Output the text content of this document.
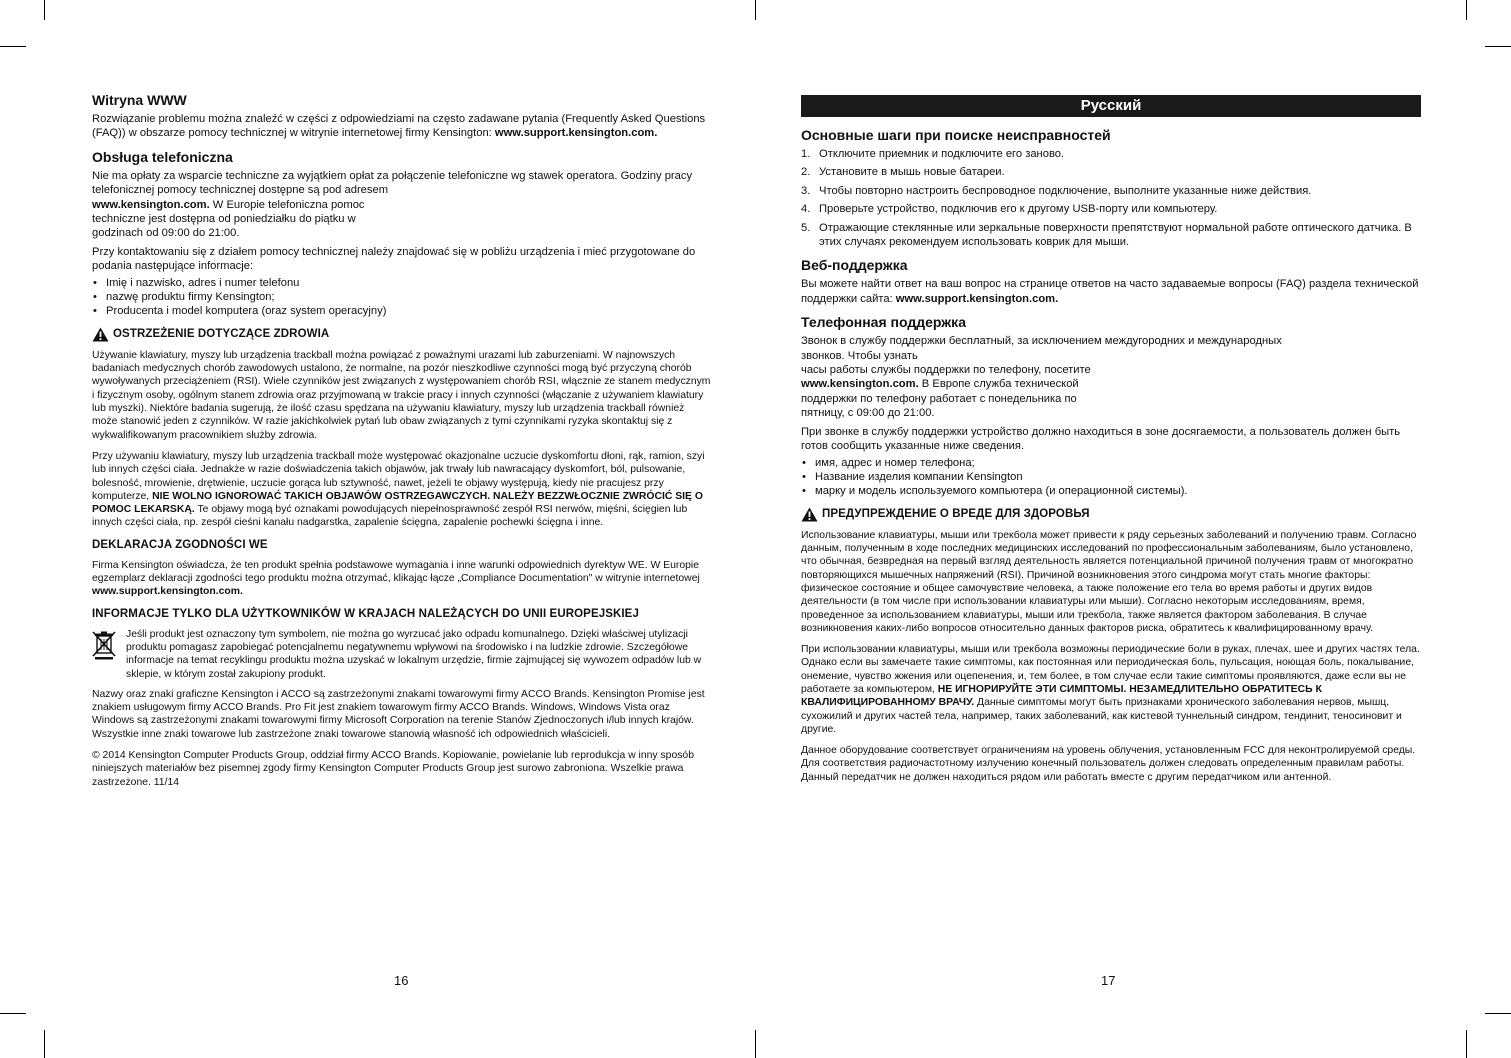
Witryna WWW

Rozwiązanie problemu można znaleźć w części z odpowiedziami na często zadawane pytania (Frequently Asked Questions (FAQ)) w obszarze pomocy technicznej w witrynie internetowej firmy Kensington: www.support.kensington.com.

Obsługa telefoniczna

Nie ma opłaty za wsparcie techniczne za wyjątkiem opłat za połączenie telefoniczne wg stawek operatora. Godziny pracy telefonicznej pomocy technicznej dostępne są pod adresem
www.kensington.com. W Europie telefoniczna pomoc
techniczne jest dostępna od poniedziałku do piątku w
godzinach od 09:00 do 21:00.

Przy kontaktowaniu się z działem pomocy technicznej należy znajdować się w pobliżu urządzenia i mieć przygotowane do podania następujące informacje:

• Imię i nazwisko, adres i numer telefonu
• nazwę produktu firmy Kensington;
• Producenta i model komputera (oraz system operacyjny)
OSTRZEŻENIE DOTYCZĄCE ZDROWIA

Używanie klawiatury, myszy lub urządzenia trackball można powiązać z poważnymi urazami lub zaburzeniami. W najnowszych badaniach medycznych chorób zawodowych ustalono, że normalne, na pozór nieszkodliwe czynności mogą być przyczyną chorób wywoływanych przeciążeniem (RSI). Wiele czynników jest związanych z występowaniem chorób RSI, włącznie ze stanem medycznym i fizycznym osoby, ogólnym stanem zdrowia oraz przyjmowaną w trakcie pracy i innych czynności (włączanie z używaniem klawiatury lub myszki). Niektóre badania sugerują, że ilość czasu spędzana na używaniu klawiatury, myszy lub urządzenia trackball również może stanowić jeden z czynników. W razie jakichkolwiek pytań lub obaw związanych z tymi czynnikami ryzyka skontaktuj się z wykwalifikowanym pracownikiem służby zdrowia.

Przy używaniu klawiatury, myszy lub urządzenia trackball może występować okazjonalne uczucie dyskomfortu dłoni, rąk, ramion, szyi lub innych części ciała. Jednakże w razie doświadczenia takich objawów, jak trwały lub nawracający dyskomfort, ból, pulsowanie, bolesność, mrowienie, drętwienie, uczucie gorąca lub sztywność, nawet, jeżeli te objawy występują, kiedy nie pracujesz przy komputerze, NIE WOLNO IGNOROWAĆ TAKICH OBJAWÓW OSTRZEGAWCZYCH. NALEŻY BEZZWŁOCZNIE ZWRÓCIĆ SIĘ O POMOC LEKARSKĄ. Te objawy mogą być oznakami powodujących niepełnosprawność zespół RSI nerwów, mięśni, ścięgien lub innych części ciała, np. zespół cieśni kanału nadgarstka, zapalenie ścięgna, zapalenie pochewki ścięgna i inne.

DEKLARACJA ZGODNOŚCI WE

Firma Kensington oświadcza, że ten produkt spełnia podstawowe wymagania i inne warunki odpowiednich dyrektyw WE. W Europie egzemplarz deklaracji zgodności tego produktu można otrzymać, klikając łącze „Compliance Documentation" w witrynie internetowej www.support.kensington.com.

INFORMACJE TYLKO DLA UŻYTKOWNIKÓW W KRAJACH NALEŻĄCYCH DO UNII EUROPEJSKIEJ

Jeśli produkt jest oznaczony tym symbolem, nie można go wyrzucać jako odpadu komunalnego. Dzięki właściwej utylizacji produktu pomagasz zapobiegać potencjalnemu negatywnemu wpływowi na środowisko i na ludzkie zdrowie. Szczegółowe informacje na temat recyklingu produktu można uzyskać w lokalnym urzędzie, firmie zajmującej się wywozem odpadów lub w sklepie, w którym został zakupiony produkt.

Nazwy oraz znaki graficzne Kensington i ACCO są zastrzeżonymi znakami towarowymi firmy ACCO Brands. Kensington Promise jest znakiem usługowym firmy ACCO Brands. Pro Fit jest znakiem towarowym firmy ACCO Brands. Windows, Windows Vista oraz Windows są zastrzeżonymi znakami towarowymi firmy Microsoft Corporation na terenie Stanów Zjednoczonych i/lub innych krajów. Wszystkie inne znaki towarowe lub zastrzeżone znaki towarowe stanowią własność ich odpowiednich właścicieli.

© 2014 Kensington Computer Products Group, oddział firmy ACCO Brands. Kopiowanie, powielanie lub reprodukcja w inny sposób niniejszych materiałów bez pisemnej zgody firmy Kensington Computer Products Group jest surowo zabroniona. Wszelkie prawa zastrzeżone. 11/14

16
Русский
Основные шаги при поиске неисправностей
1. Отключите приемник и подключите его заново.
2. Установите в мышь новые батареи.
3. Чтобы повторно настроить беспроводное подключение, выполните указанные ниже действия.
4. Проверьте устройство, подключив его к другому USB-порту или компьютеру.
5. Отражающие стеклянные или зеркальные поверхности препятствуют нормальной работе оптического датчика. В этих случаях рекомендуем использовать коврик для мыши.
Веб-поддержка

Вы можете найти ответ на ваш вопрос на странице ответов на часто задаваемые вопросы (FAQ) раздела технической поддержки сайта: www.support.kensington.com.

Телефонная поддержка

Звонок в службу поддержки бесплатный, за исключением междугородних и международных
звонков. Чтобы узнать
часы работы службы поддержки по телефону, посетите
www.kensington.com. В Европе служба технической
поддержки по телефону работает с понедельника по
пятницу, с 09:00 до 21:00.

При звонке в службу поддержки устройство должно находиться в зоне досягаемости, а пользователь должен быть готов сообщить указанные ниже сведения.

• имя, адрес и номер телефона;
• Название изделия компании Kensington
• марку и модель используемого компьютера (и операционной системы).
ПРЕДУПРЕЖДЕНИЕ О ВРЕДЕ ДЛЯ ЗДОРОВЬЯ

Использование клавиатуры, мыши или трекбола может привести к ряду серьезных заболеваний и получению травм. Согласно данным, полученным в ходе последних медицинских исследований по профессиональным заболеваниям, было установлено, что обычная, безвредная на первый взгляд деятельность является потенциальной причиной получения травм от многократно повторяющихся мышечных напряжений (RSI). Причиной возникновения этого синдрома могут стать многие факторы: физическое состояние и общее самочувствие человека, а также положение его тела во время работы и других видов деятельности (в том числе при использовании клавиатуры или мыши). Согласно некоторым исследованиям, время, проведенное за использованием клавиатуры, мыши или трекбола, также является фактором заболевания. В случае возникновения каких-либо вопросов относительно данных факторов риска, обратитесь к квалифицированному врачу.

При использовании клавиатуры, мыши или трекбола возможны периодические боли в руках, плечах, шее и других частях тела. Однако если вы замечаете такие симптомы, как постоянная или периодическая боль, пульсация, ноющая боль, покалывание, онемение, чувство жжения или оцепенения, и, тем более, в том случае если такие симптомы проявляются, даже если вы не работаете за компьютером, НЕ ИГНОРИРУЙТЕ ЭТИ СИМПТОМЫ. НЕЗАМЕДЛИТЕЛЬНО ОБРАТИТЕСЬ К КВАЛИФИЦИРОВАННОМУ ВРАЧУ. Данные симптомы могут быть признаками хронического заболевания нервов, мышц, сухожилий и других частей тела, например, таких заболеваний, как кистевой туннельный синдром, тендинит, теносиновит и другие.

Данное оборудование соответствует ограничениям на уровень облучения, установленным FCC для неконтролируемой среды. Для соответствия радиочастотному излучению конечный пользователь должен следовать определенным правилам работы. Данный передатчик не должен находиться рядом или работать вместе с другим передатчиком или антенной.

17
